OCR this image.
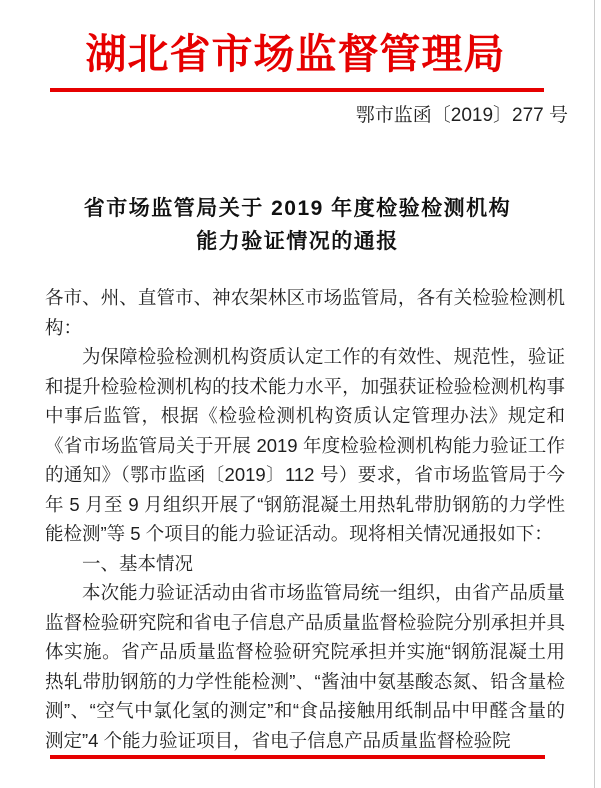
湖北省市场监督管理局
鄂市监函〔2019〕277 号
省市场监管局关于 2019 年度检验检测机构
能力验证情况的通报

各市、州、直管市、神农架林区市场监管局，各有关检验检测机构：

为保障检验检测机构资质认定工作的有效性、规范性，验证和提升检验检测机构的技术能力水平，加强获证检验检测机构事中事后监管，根据《检验检测机构资质认定管理办法》规定和《省市场监管局关于开展 2019 年度检验检测机构能力验证工作的通知》（鄂市监函〔2019〕112 号）要求，省市场监管局于今年 5 月至 9 月组织开展了“钢筋混凝土用热轧带肋钢筋的力学性能检测”等 5 个项目的能力验证活动。现将相关情况通报如下：

一、基本情况

本次能力验证活动由省市场监管局统一组织，由省产品质量监督检验研究院和省电子信息产品质量监督检验院分别承担并具体实施。省产品质量监督检验研究院承担并实施“钢筋混凝土用热轧带肋钢筋的力学性能检测”、“酱油中氨基酸态氮、铅含量检测”、“空气中氯化氢的测定”和“食品接触用纸制品中甲醛含量的测定”4 个能力验证项目，省电子信息产品质量监督检验院
